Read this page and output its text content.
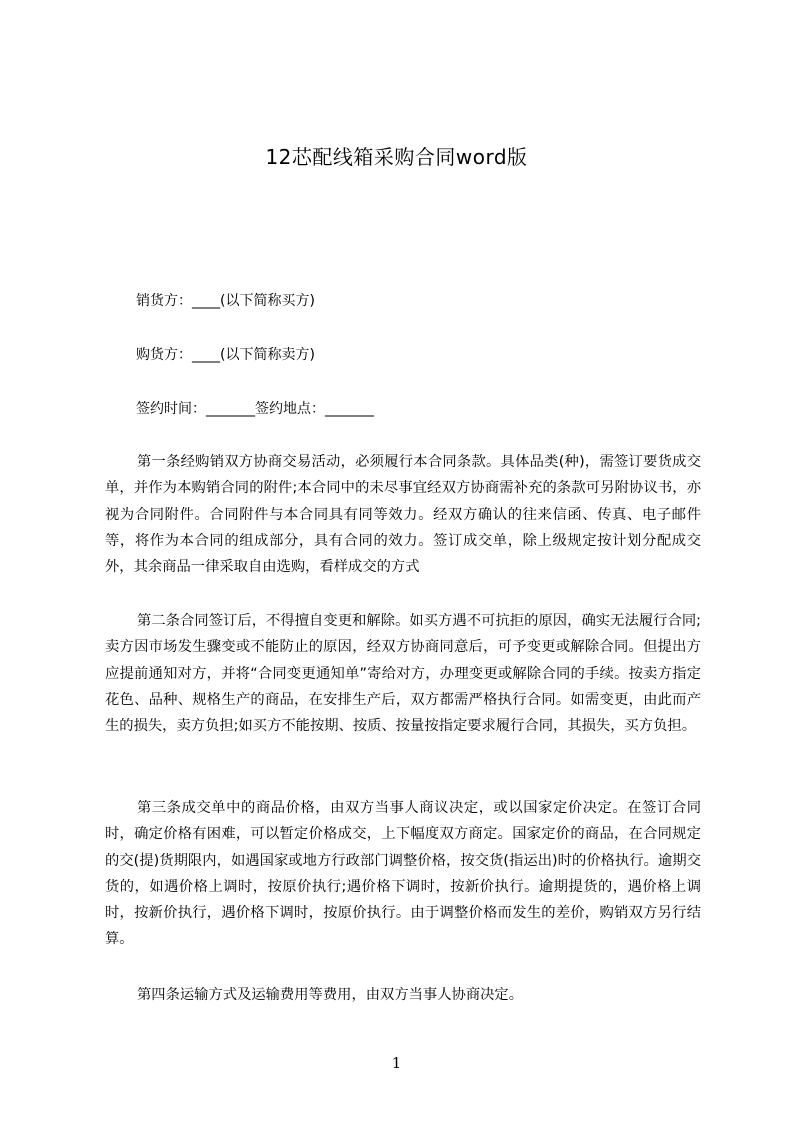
12芯配线箱采购合同word版
销货方：____(以下简称买方)
购货方：____(以下简称卖方)
签约时间：_______签约地点：_______

第一条经购销双方协商交易活动，必须履行本合同条款。具体品类(种)，需签订要货成交单，并作为本购销合同的附件;本合同中的未尽事宜经双方协商需补充的条款可另附协议书，亦视为合同附件。合同附件与本合同具有同等效力。经双方确认的往来信函、传真、电子邮件等，将作为本合同的组成部分，具有合同的效力。签订成交单，除上级规定按计划分配成交外，其余商品一律采取自由选购，看样成交的方式

第二条合同签订后，不得擅自变更和解除。如买方遇不可抗拒的原因，确实无法履行合同;卖方因市场发生骤变或不能防止的原因，经双方协商同意后，可予变更或解除合同。但提出方应提前通知对方，并将“合同变更通知单”寄给对方，办理变更或解除合同的手续。按卖方指定花色、品种、规格生产的商品，在安排生产后，双方都需严格执行合同。如需变更，由此而产生的损失，卖方负担;如买方不能按期、按质、按量按指定要求履行合同，其损失，买方负担。

第三条成交单中的商品价格，由双方当事人商议决定，或以国家定价决定。在签订合同时，确定价格有困难，可以暂定价格成交，上下幅度双方商定。国家定价的商品，在合同规定的交(提)货期限内，如遇国家或地方行政部门调整价格，按交货(指运出)时的价格执行。逾期交货的，如遇价格上调时，按原价执行;遇价格下调时，按新价执行。逾期提货的，遇价格上调时，按新价执行，遇价格下调时，按原价执行。由于调整价格而发生的差价，购销双方另行结算。

第四条运输方式及运输费用等费用，由双方当事人协商决定。

1
